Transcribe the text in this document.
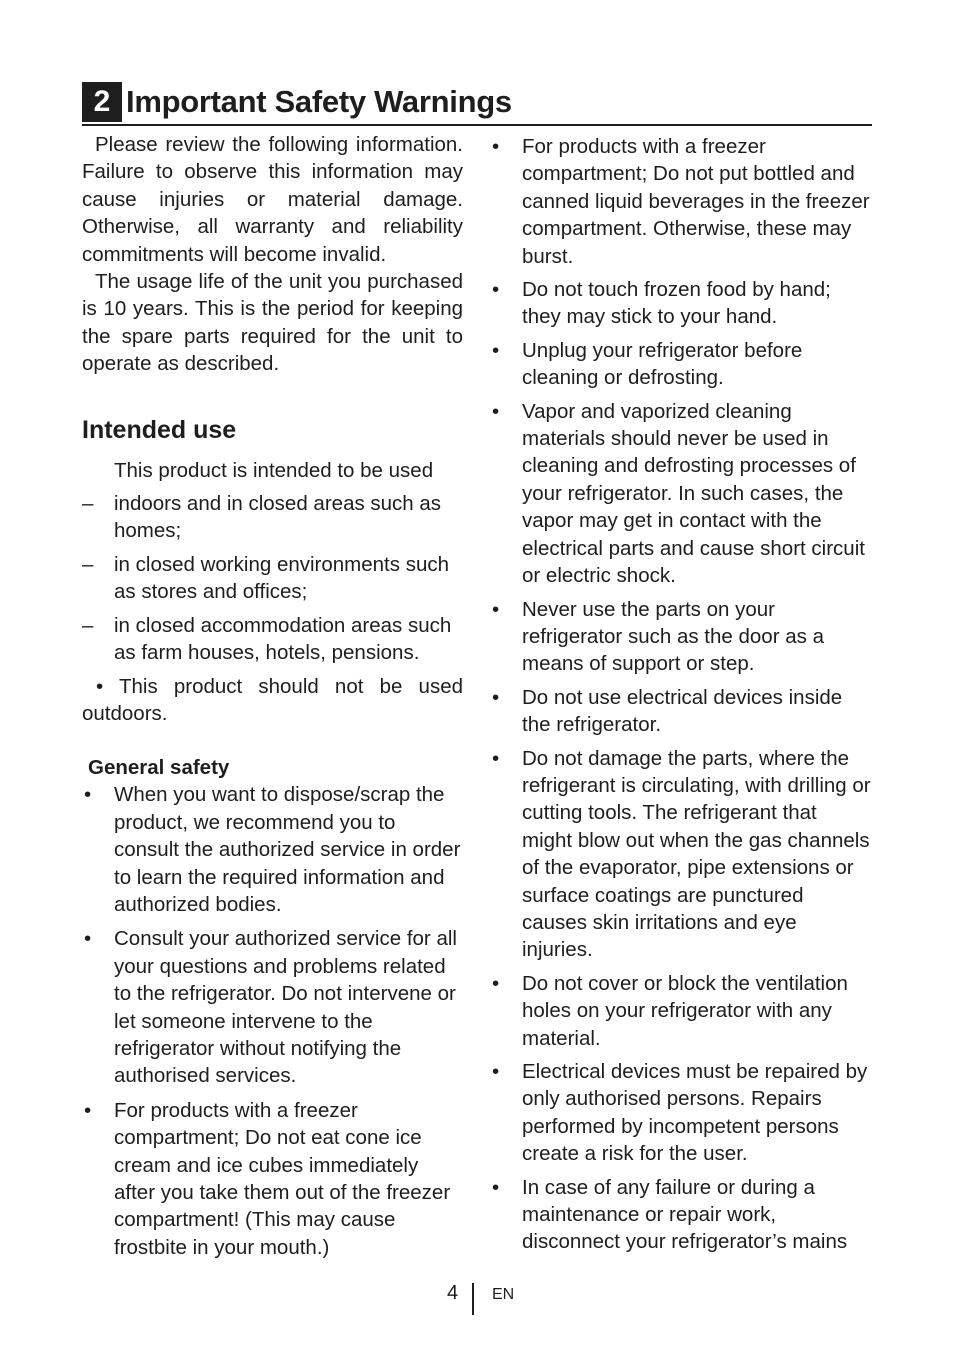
2 Important Safety Warnings

Please review the following information. Failure to observe this information may cause injuries or material damage. Otherwise, all warranty and reliability commitments will become invalid.

The usage life of the unit you purchased is 10 years. This is the period for keeping the spare parts required for the unit to operate as described.

Intended use

This product is intended to be used

– indoors and in closed areas such as homes;
– in closed working environments such as stores and offices;
– in closed accommodation areas such as farm houses, hotels, pensions.

• This product should not be used outdoors.

General safety
• When you want to dispose/scrap the product, we recommend you to consult the authorized service in order to learn the required information and authorized bodies.
• Consult your authorized service for all your questions and problems related to the refrigerator. Do not intervene or let someone intervene to the refrigerator without notifying the authorised services.
• For products with a freezer compartment; Do not eat cone ice cream and ice cubes immediately after you take them out of the freezer compartment! (This may cause frostbite in your mouth.)
• For products with a freezer compartment; Do not put bottled and canned liquid beverages in the freezer compartment. Otherwise, these may burst.
• Do not touch frozen food by hand; they may stick to your hand.
• Unplug your refrigerator before cleaning or defrosting.
• Vapor and vaporized cleaning materials should never be used in cleaning and defrosting processes of your refrigerator. In such cases, the vapor may get in contact with the electrical parts and cause short circuit or electric shock.
• Never use the parts on your refrigerator such as the door as a means of support or step.
• Do not use electrical devices inside the refrigerator.
• Do not damage the parts, where the refrigerant is circulating, with drilling or cutting tools. The refrigerant that might blow out when the gas channels of the evaporator, pipe extensions or surface coatings are punctured causes skin irritations and eye injuries.
• Do not cover or block the ventilation holes on your refrigerator with any material.
• Electrical devices must be repaired by only authorised persons. Repairs performed by incompetent persons create a risk for the user.
• In case of any failure or during a maintenance or repair work, disconnect your refrigerator’s mains
4 EN
